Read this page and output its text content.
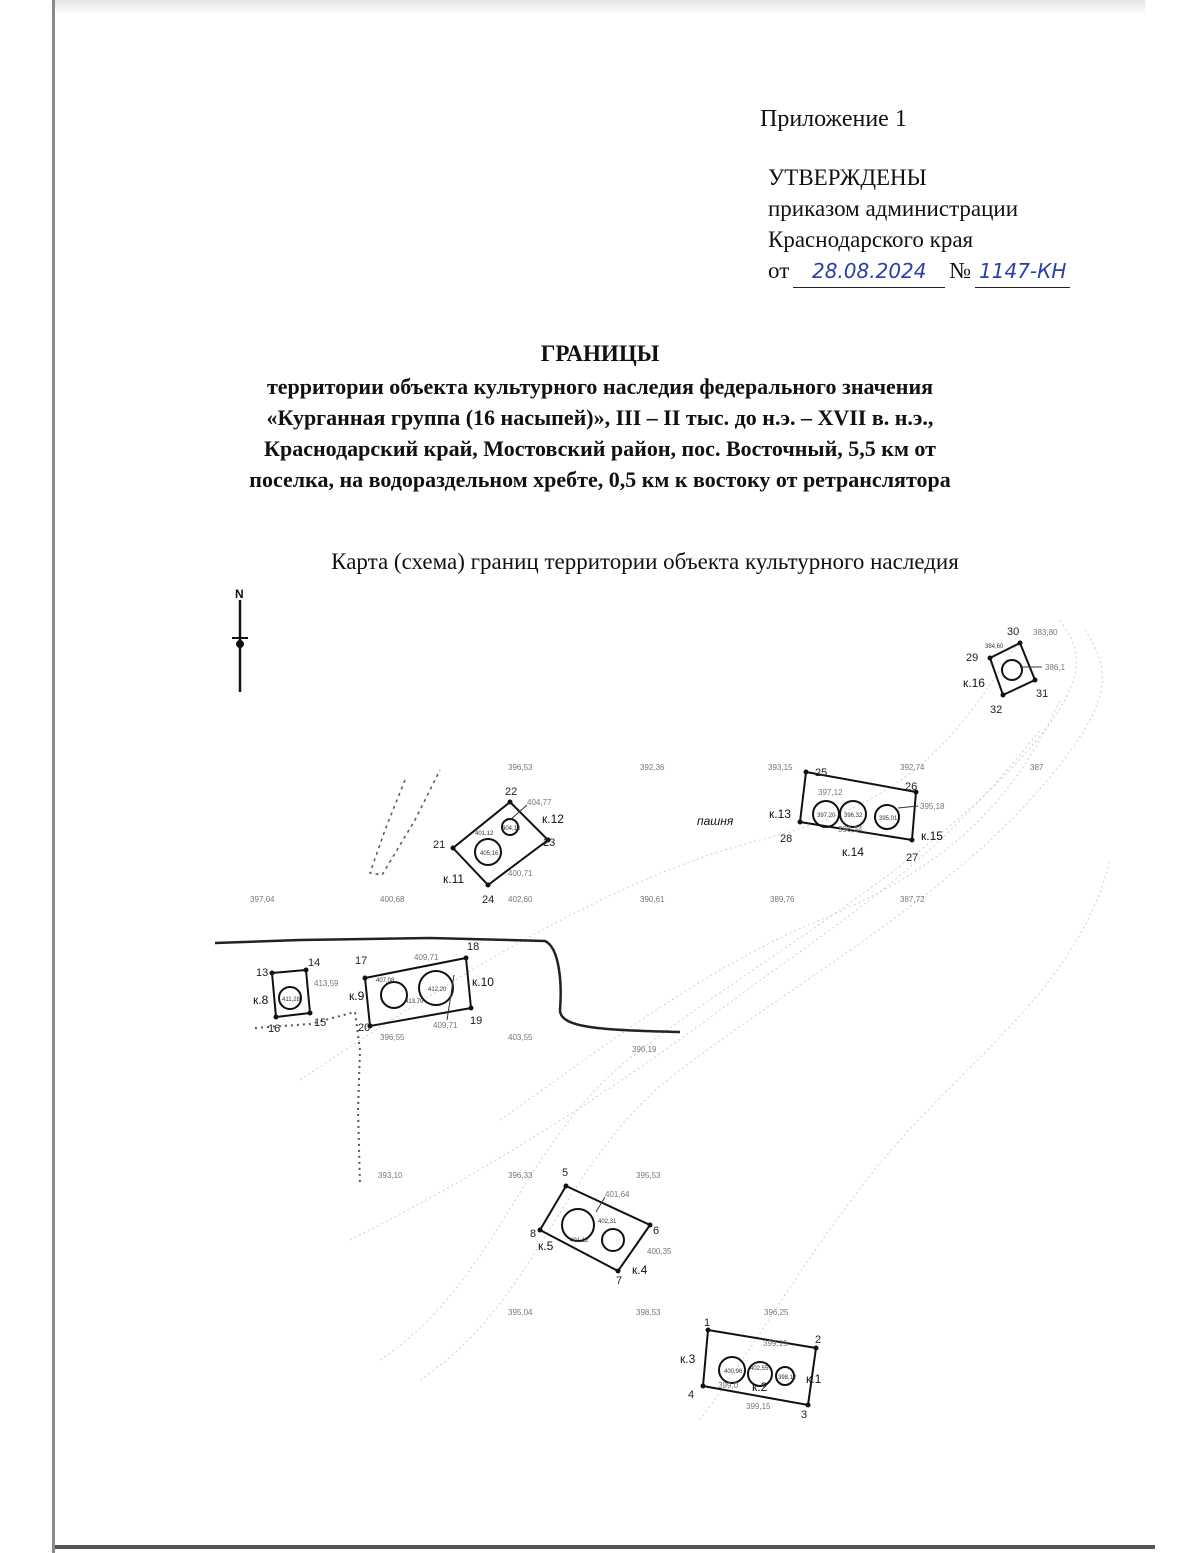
Приложение 1
УТВЕРЖДЕНЫ
приказом администрации
Краснодарского края
от 28.08.2024 № 1147-КН
ГРАНИЦЫ
территории объекта культурного наследия федерального значения
«Курганная группа (16 насыпей)», III – II тыс. до н.э. – XVII в. н.э.,
Краснодарский край, Мостовский район, пос. Восточный, 5,5 км от
поселка, на водораздельном хребте, 0,5 км к востоку от ретранслятора
Карта (схема) границ территории объекта культурного наследия
N
пашня
396,53	392,36	393,15	392,74	387
397,04	400,68	402,60	390,61	389,76	387,72
396,55	403,55
390,19
393,10	396,33	395,53
395,04	398,53	396,25
383,80
386,1
404,77
400,71
413,59
409,71
409,71
397,12
395,18
396,34
401,64
400,35
399,19
399,15
399,0
1
2
3
4
5
6
7
8
13
14
15
16
17
18
19
20
21
22
23
24
25
26
27
28
29
30
31
32
к.1
к.2
к.3
к.4
к.5
к.8	к.9
к.10
к.11
к.12	к.13
к.14
к.15
к.16
404,10
405,16
412,20
407,08
413,70
411,28
401,12
402,31
397,20 396,32	395,01
384,60
400,96 402,55
398,12
401,12
